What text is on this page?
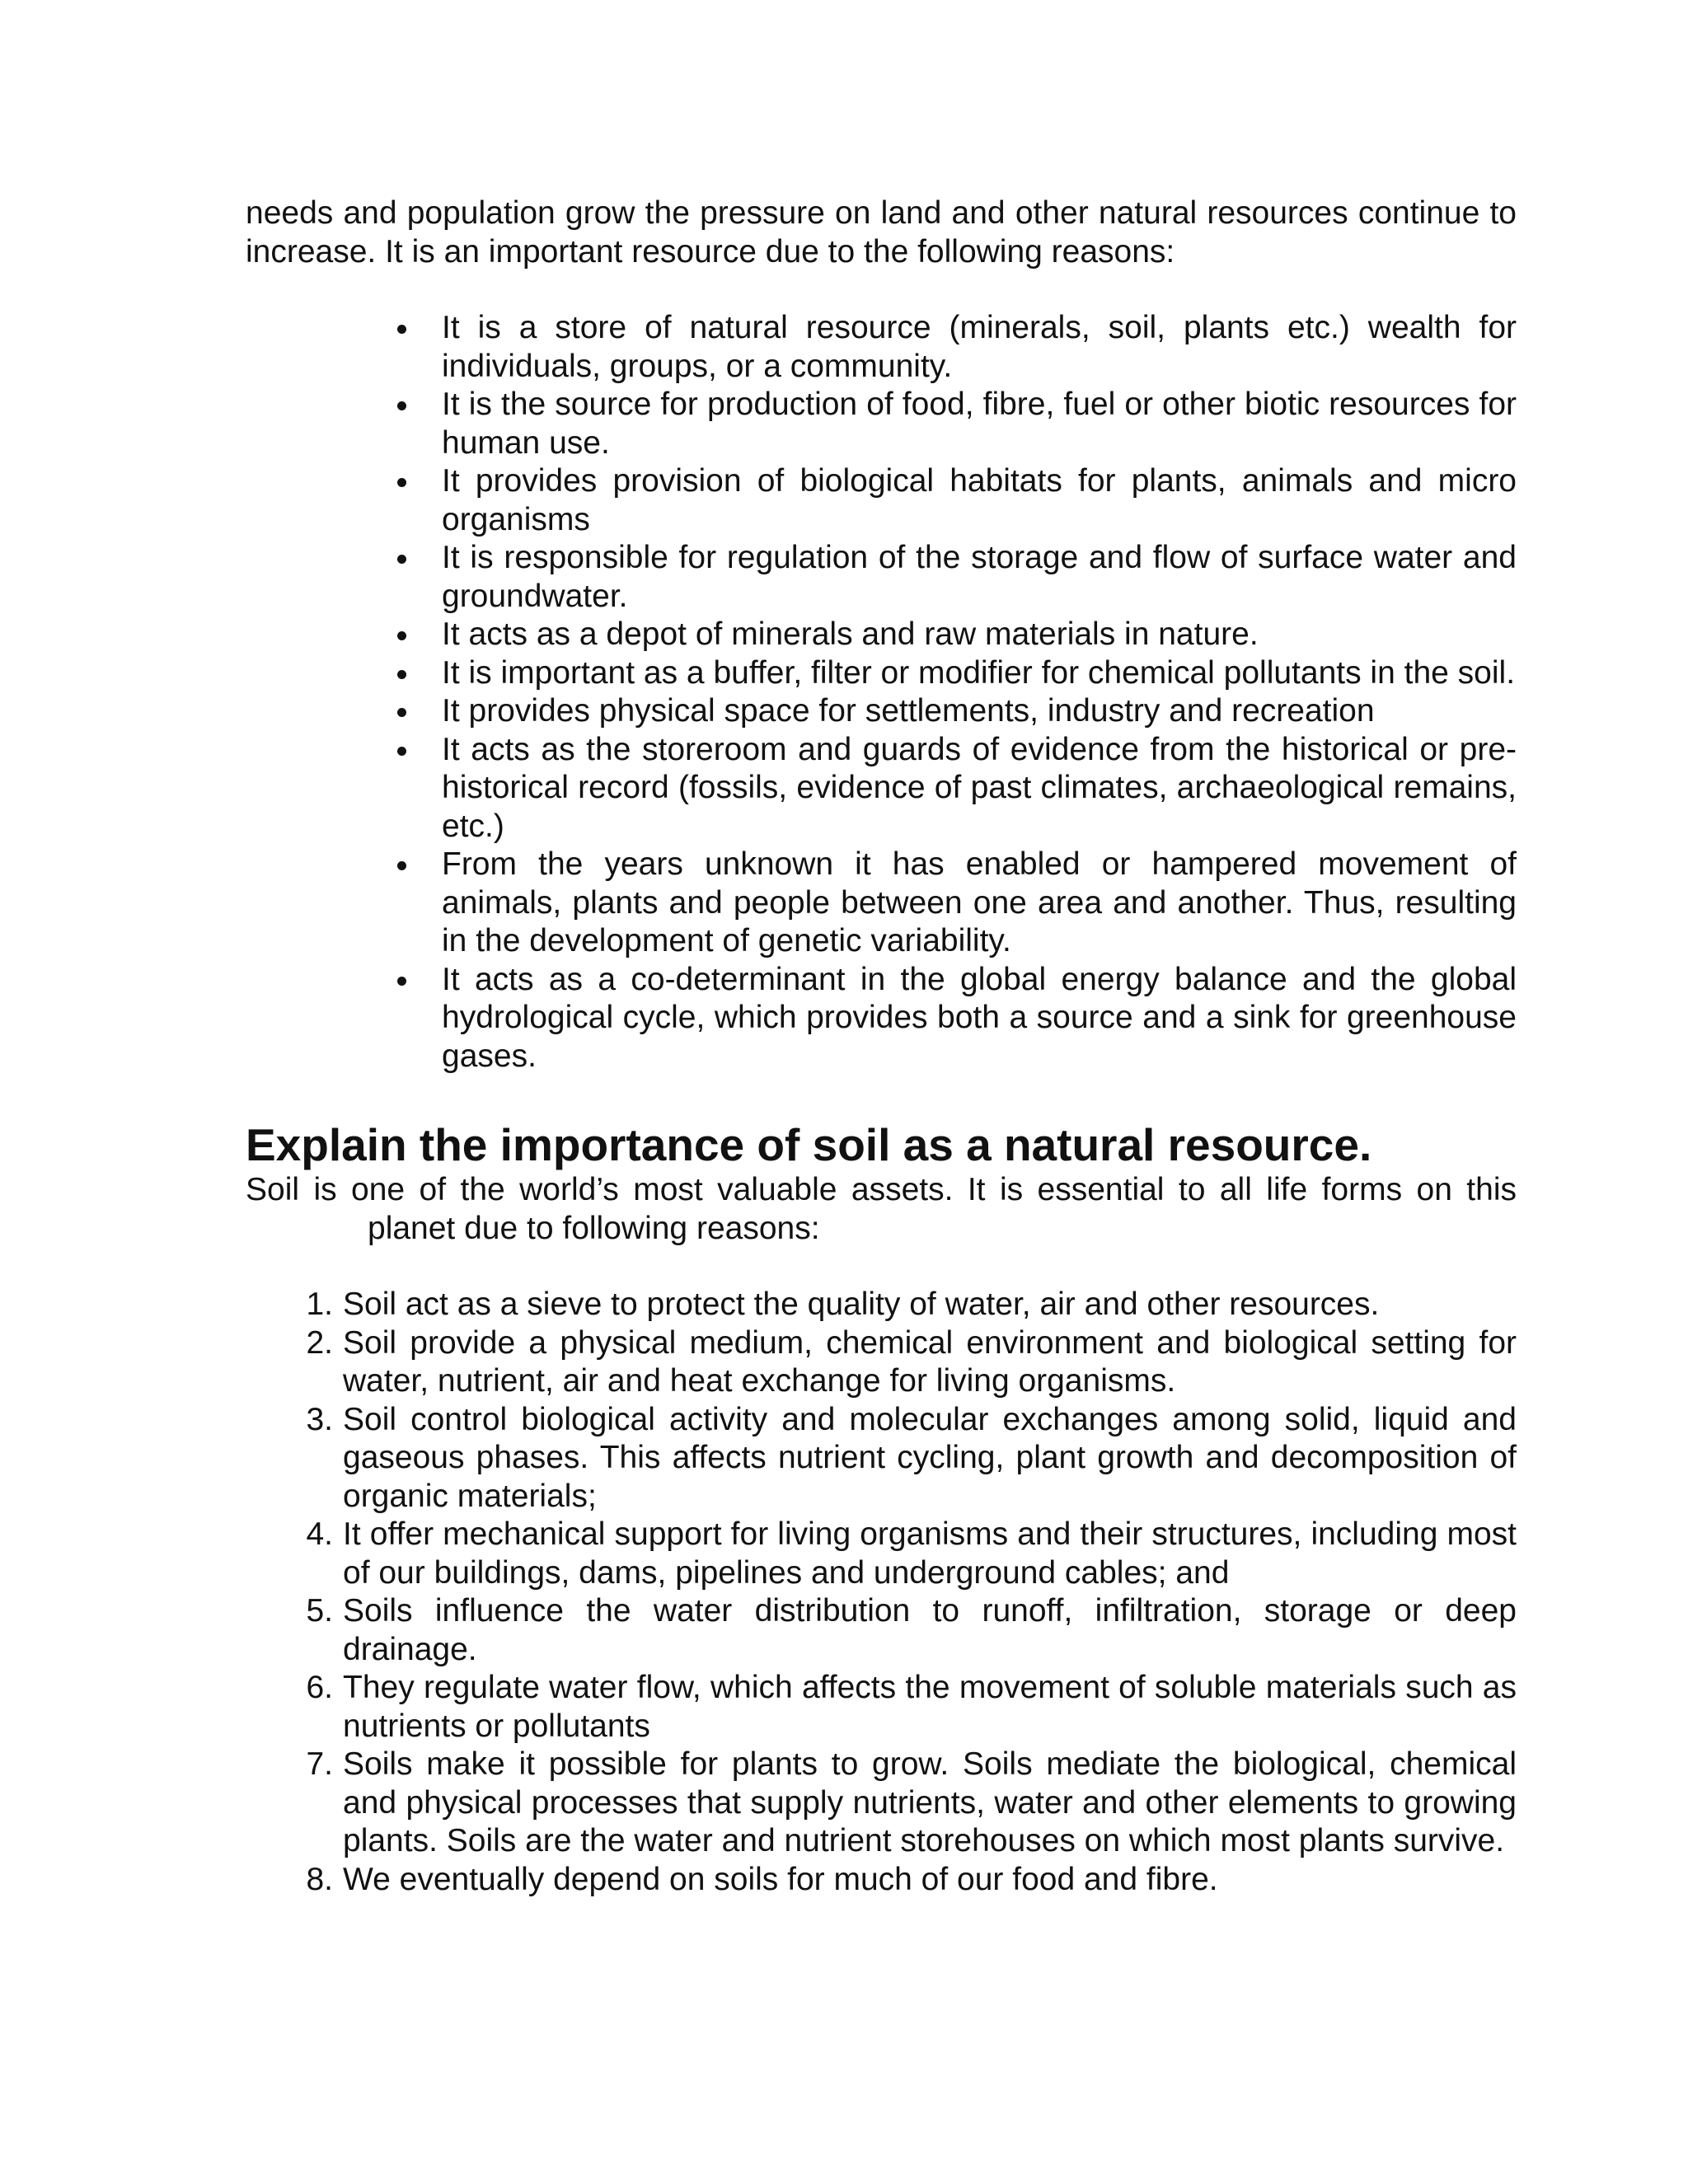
needs and population grow the pressure on land and other natural resources continue to increase. It is an important resource due to the following reasons:

It is a store of natural resource (minerals, soil, plants etc.) wealth for individuals, groups, or a community.
It is the source for production of food, fibre, fuel or other biotic resources for human use.
It provides provision of biological habitats for plants, animals and micro organisms
It is responsible for regulation of the storage and flow of surface water and groundwater.
It acts as a depot of minerals and raw materials in nature.
It is important as a buffer, filter or modifier for chemical pollutants in the soil.
It provides physical space for settlements, industry and recreation
It acts as the storeroom and guards of evidence from the historical or pre-historical record (fossils, evidence of past climates, archaeological remains, etc.)
From the years unknown it has enabled or hampered movement of animals, plants and people between one area and another. Thus, resulting in the development of genetic variability.
It acts as a co-determinant in the global energy balance and the global hydrological cycle, which provides both a source and a sink for greenhouse gases.
Explain the importance of soil as a natural resource.
Soil is one of the world’s most valuable assets. It is essential to all life forms on this planet due to following reasons:
1. Soil act as a sieve to protect the quality of water, air and other resources.
2. Soil provide a physical medium, chemical environment and biological setting for water, nutrient, air and heat exchange for living organisms.
3. Soil control biological activity and molecular exchanges among solid, liquid and gaseous phases. This affects nutrient cycling, plant growth and decomposition of organic materials;
4. It offer mechanical support for living organisms and their structures, including most of our buildings, dams, pipelines and underground cables; and
5. Soils influence the water distribution to runoff, infiltration, storage or deep drainage.
6. They regulate water flow, which affects the movement of soluble materials such as nutrients or pollutants
7. Soils make it possible for plants to grow. Soils mediate the biological, chemical and physical processes that supply nutrients, water and other elements to growing plants. Soils are the water and nutrient storehouses on which most plants survive.
8. We eventually depend on soils for much of our food and fibre.
